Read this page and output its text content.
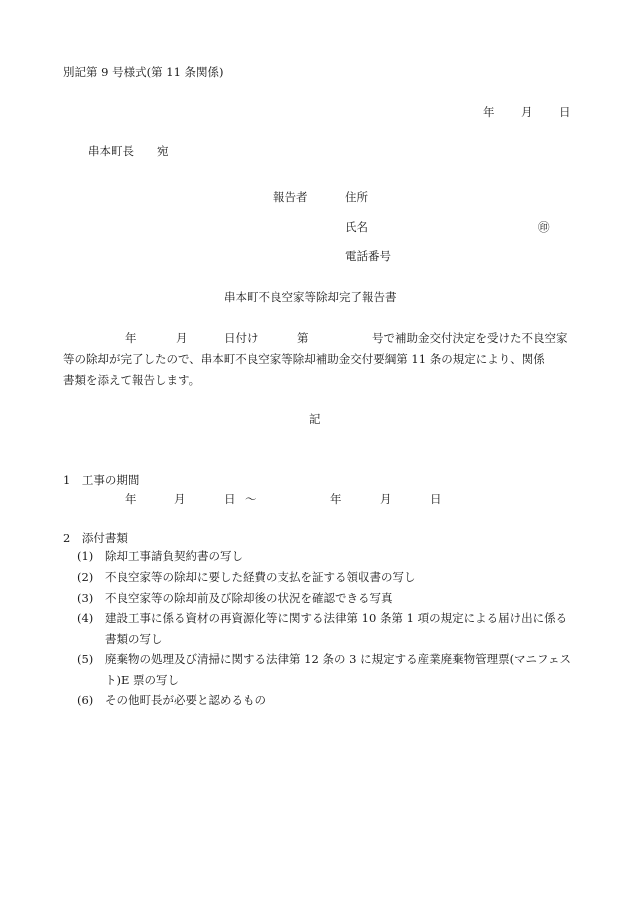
別記第 9 号様式(第 11 条関係)
年 月 日
串本町長　　宛
報告者	住所
氏名	㊞
電話番号
串本町不良空家等除却完了報告書
年	月	日付け	第	号で補助金交付決定を受けた不良空家
等の除却が完了したので、串本町不良空家等除却補助金交付要綱第 11 条の規定により、関係
書類を添えて報告します。
記
1　工事の期間
年	月	日 ～	年	月	日
2　添付書類
(1) 除却工事請負契約書の写し
(2) 不良空家等の除却に要した経費の支払を証する領収書の写し
(3) 不良空家等の除却前及び除却後の状況を確認できる写真
(4) 建設工事に係る資材の再資源化等に関する法律第 10 条第 1 項の規定による届け出に係る書類の写し
(5) 廃棄物の処理及び清掃に関する法律第 12 条の 3 に規定する産業廃棄物管理票(マニフェスト)E 票の写し
(6) その他町長が必要と認めるもの
